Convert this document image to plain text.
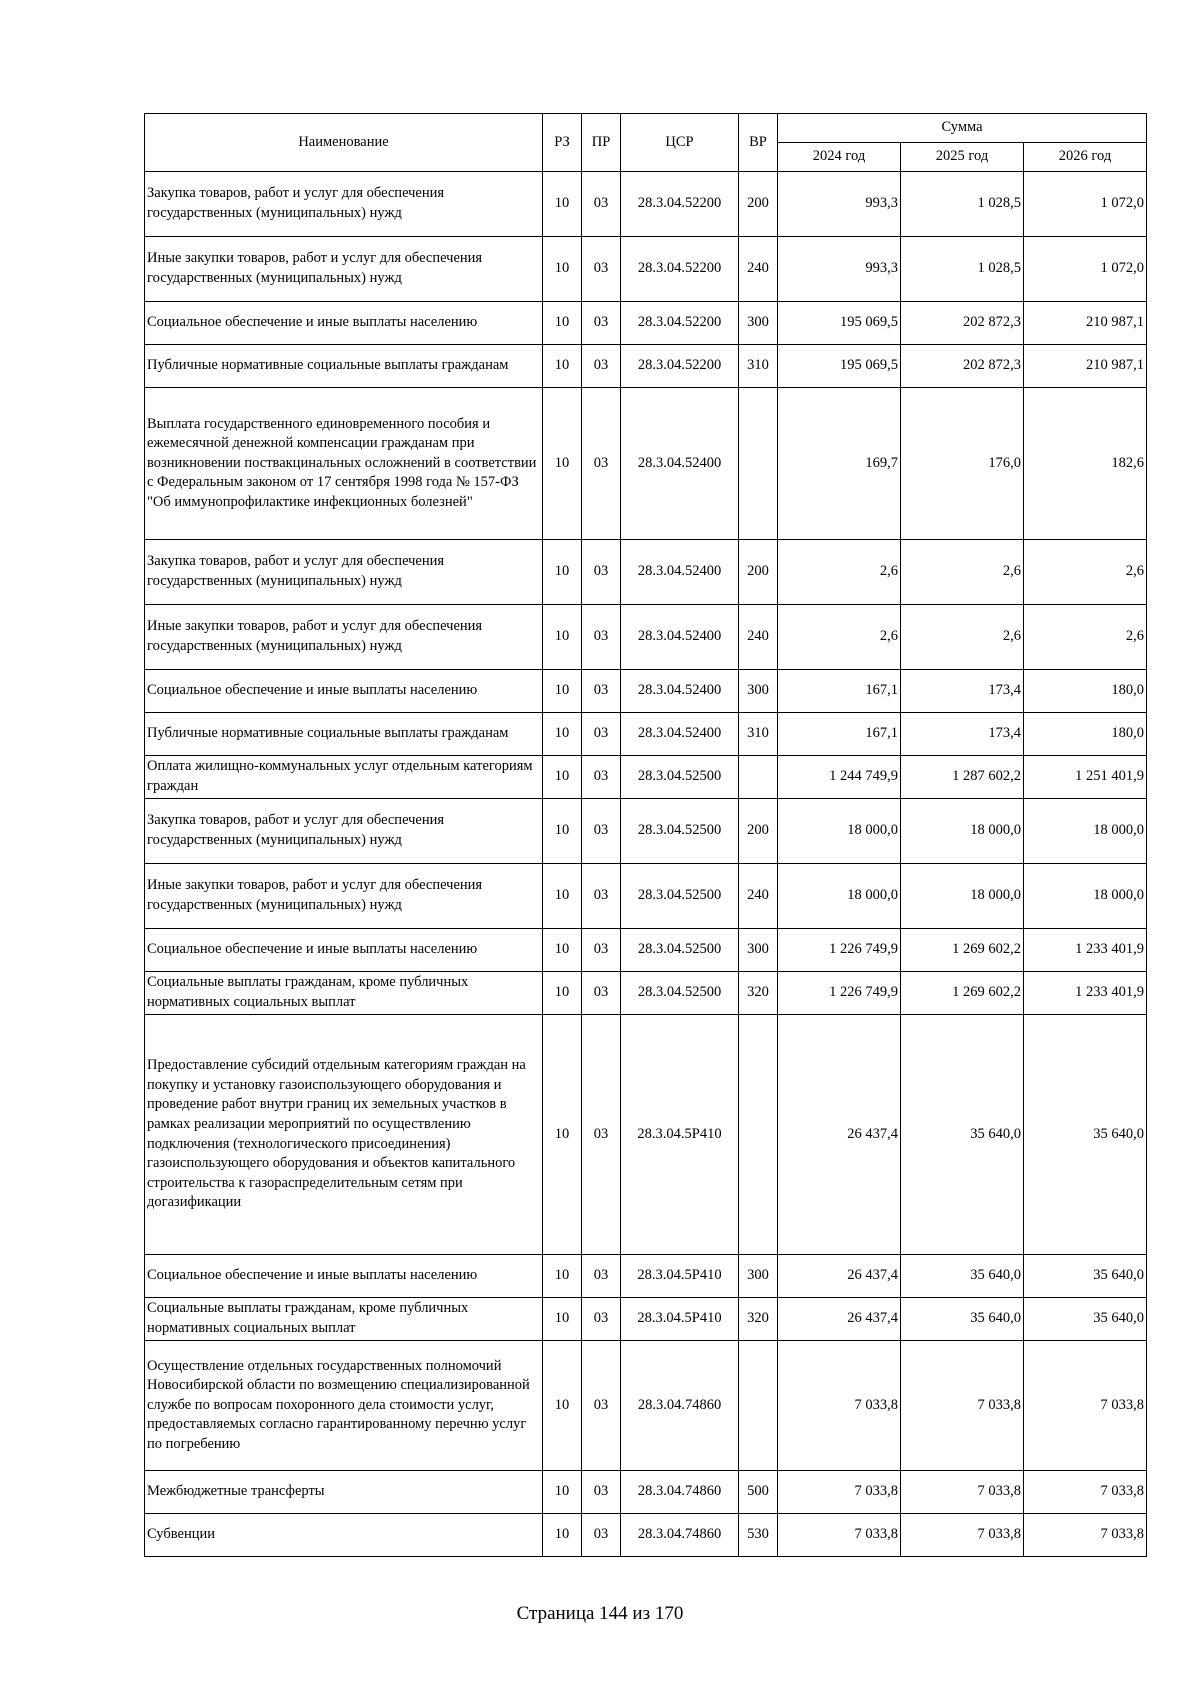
Наименование	РЗ	ПР	ЦСР	ВР	Сумма		
					2024 год	2025 год	2026 год
Закупка товаров, работ и услуг для обеспечения государственных (муниципальных) нужд	10	03	28.3.04.52200	200	993,3	1 028,5	1 072,0
Иные закупки товаров, работ и услуг для обеспечения государственных (муниципальных) нужд	10	03	28.3.04.52200	240	993,3	1 028,5	1 072,0
Социальное обеспечение и иные выплаты населению	10	03	28.3.04.52200	300	195 069,5	202 872,3	210 987,1
Публичные нормативные социальные выплаты гражданам	10	03	28.3.04.52200	310	195 069,5	202 872,3	210 987,1
Выплата государственного единовременного пособия и ежемесячной денежной компенсации гражданам при возникновении поствакцинальных осложнений в соответствии с Федеральным законом от 17 сентября 1998 года № 157-ФЗ "Об иммунопрофилактике инфекционных болезней"	10	03	28.3.04.52400		169,7	176,0	182,6
Закупка товаров, работ и услуг для обеспечения государственных (муниципальных) нужд	10	03	28.3.04.52400	200	2,6	2,6	2,6
Иные закупки товаров, работ и услуг для обеспечения государственных (муниципальных) нужд	10	03	28.3.04.52400	240	2,6	2,6	2,6
Социальное обеспечение и иные выплаты населению	10	03	28.3.04.52400	300	167,1	173,4	180,0
Публичные нормативные социальные выплаты гражданам	10	03	28.3.04.52400	310	167,1	173,4	180,0
Оплата жилищно-коммунальных услуг отдельным категориям граждан	10	03	28.3.04.52500		1 244 749,9	1 287 602,2	1 251 401,9
Закупка товаров, работ и услуг для обеспечения государственных (муниципальных) нужд	10	03	28.3.04.52500	200	18 000,0	18 000,0	18 000,0
Иные закупки товаров, работ и услуг для обеспечения государственных (муниципальных) нужд	10	03	28.3.04.52500	240	18 000,0	18 000,0	18 000,0
Социальное обеспечение и иные выплаты населению	10	03	28.3.04.52500	300	1 226 749,9	1 269 602,2	1 233 401,9
Социальные выплаты гражданам, кроме публичных нормативных социальных выплат	10	03	28.3.04.52500	320	1 226 749,9	1 269 602,2	1 233 401,9
Предоставление субсидий отдельным категориям граждан на покупку и установку газоиспользующего оборудования и проведение работ внутри границ их земельных участков в рамках реализации мероприятий по осуществлению подключения (технологического присоединения) газоиспользующего оборудования и объектов капитального строительства к газораспределительным сетям при догазификации	10	03	28.3.04.5Р410		26 437,4	35 640,0	35 640,0
Социальное обеспечение и иные выплаты населению	10	03	28.3.04.5Р410	300	26 437,4	35 640,0	35 640,0
Социальные выплаты гражданам, кроме публичных нормативных социальных выплат	10	03	28.3.04.5Р410	320	26 437,4	35 640,0	35 640,0
Осуществление отдельных государственных полномочий Новосибирской области по возмещению специализированной службе по вопросам похоронного дела стоимости услуг, предоставляемых согласно гарантированному перечню услуг по погребению	10	03	28.3.04.74860		7 033,8	7 033,8	7 033,8
Межбюджетные трансферты	10	03	28.3.04.74860	500	7 033,8	7 033,8	7 033,8
Субвенции	10	03	28.3.04.74860	530	7 033,8	7 033,8	7 033,8
Страница 144 из 170
